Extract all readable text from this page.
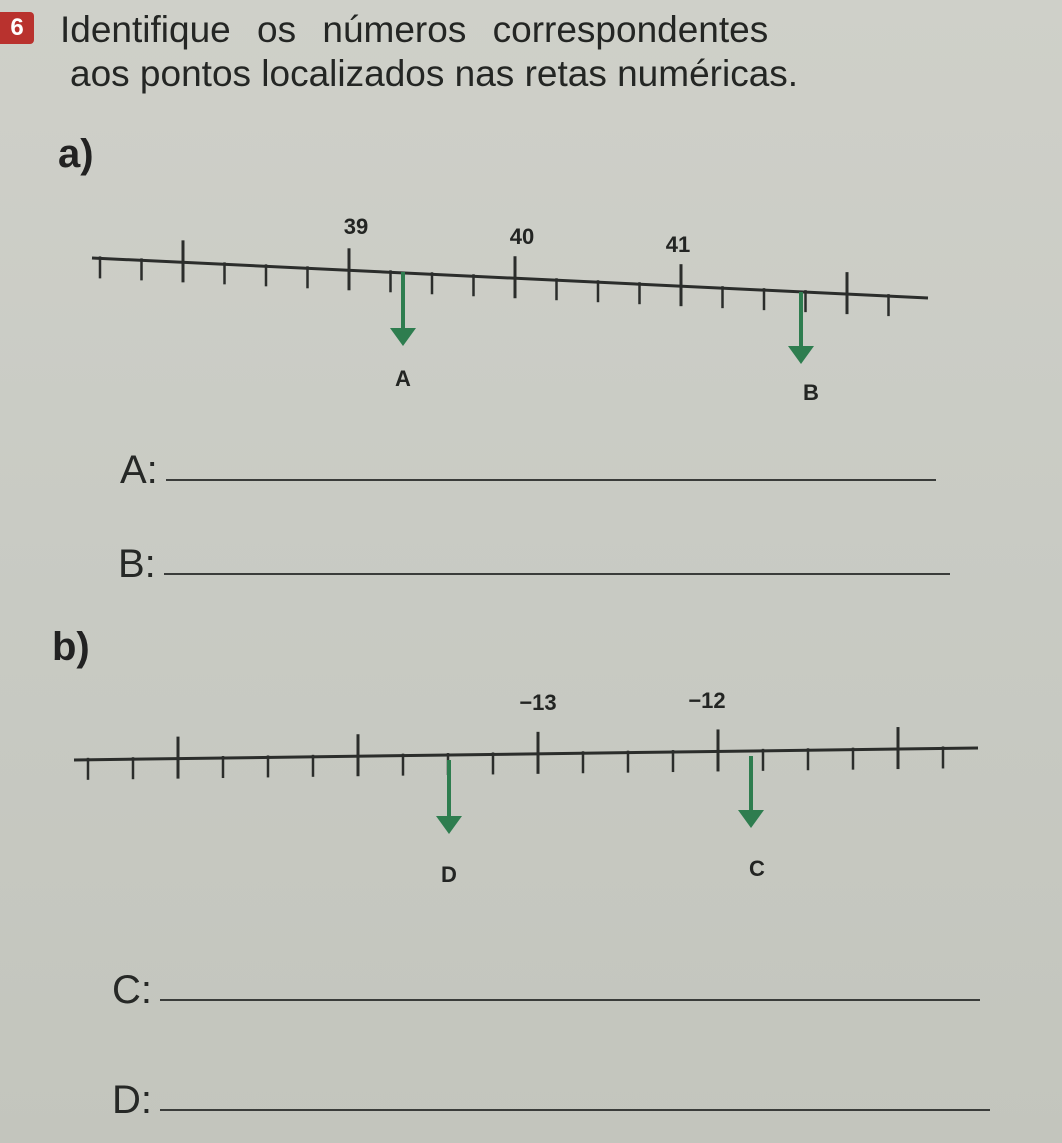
6 Identifique os números correspondentes
aos pontos localizados nas retas numéricas.
a)
39	40	41
A
B
A:
B:
b)
−13	−12
D	C
C:
D:
